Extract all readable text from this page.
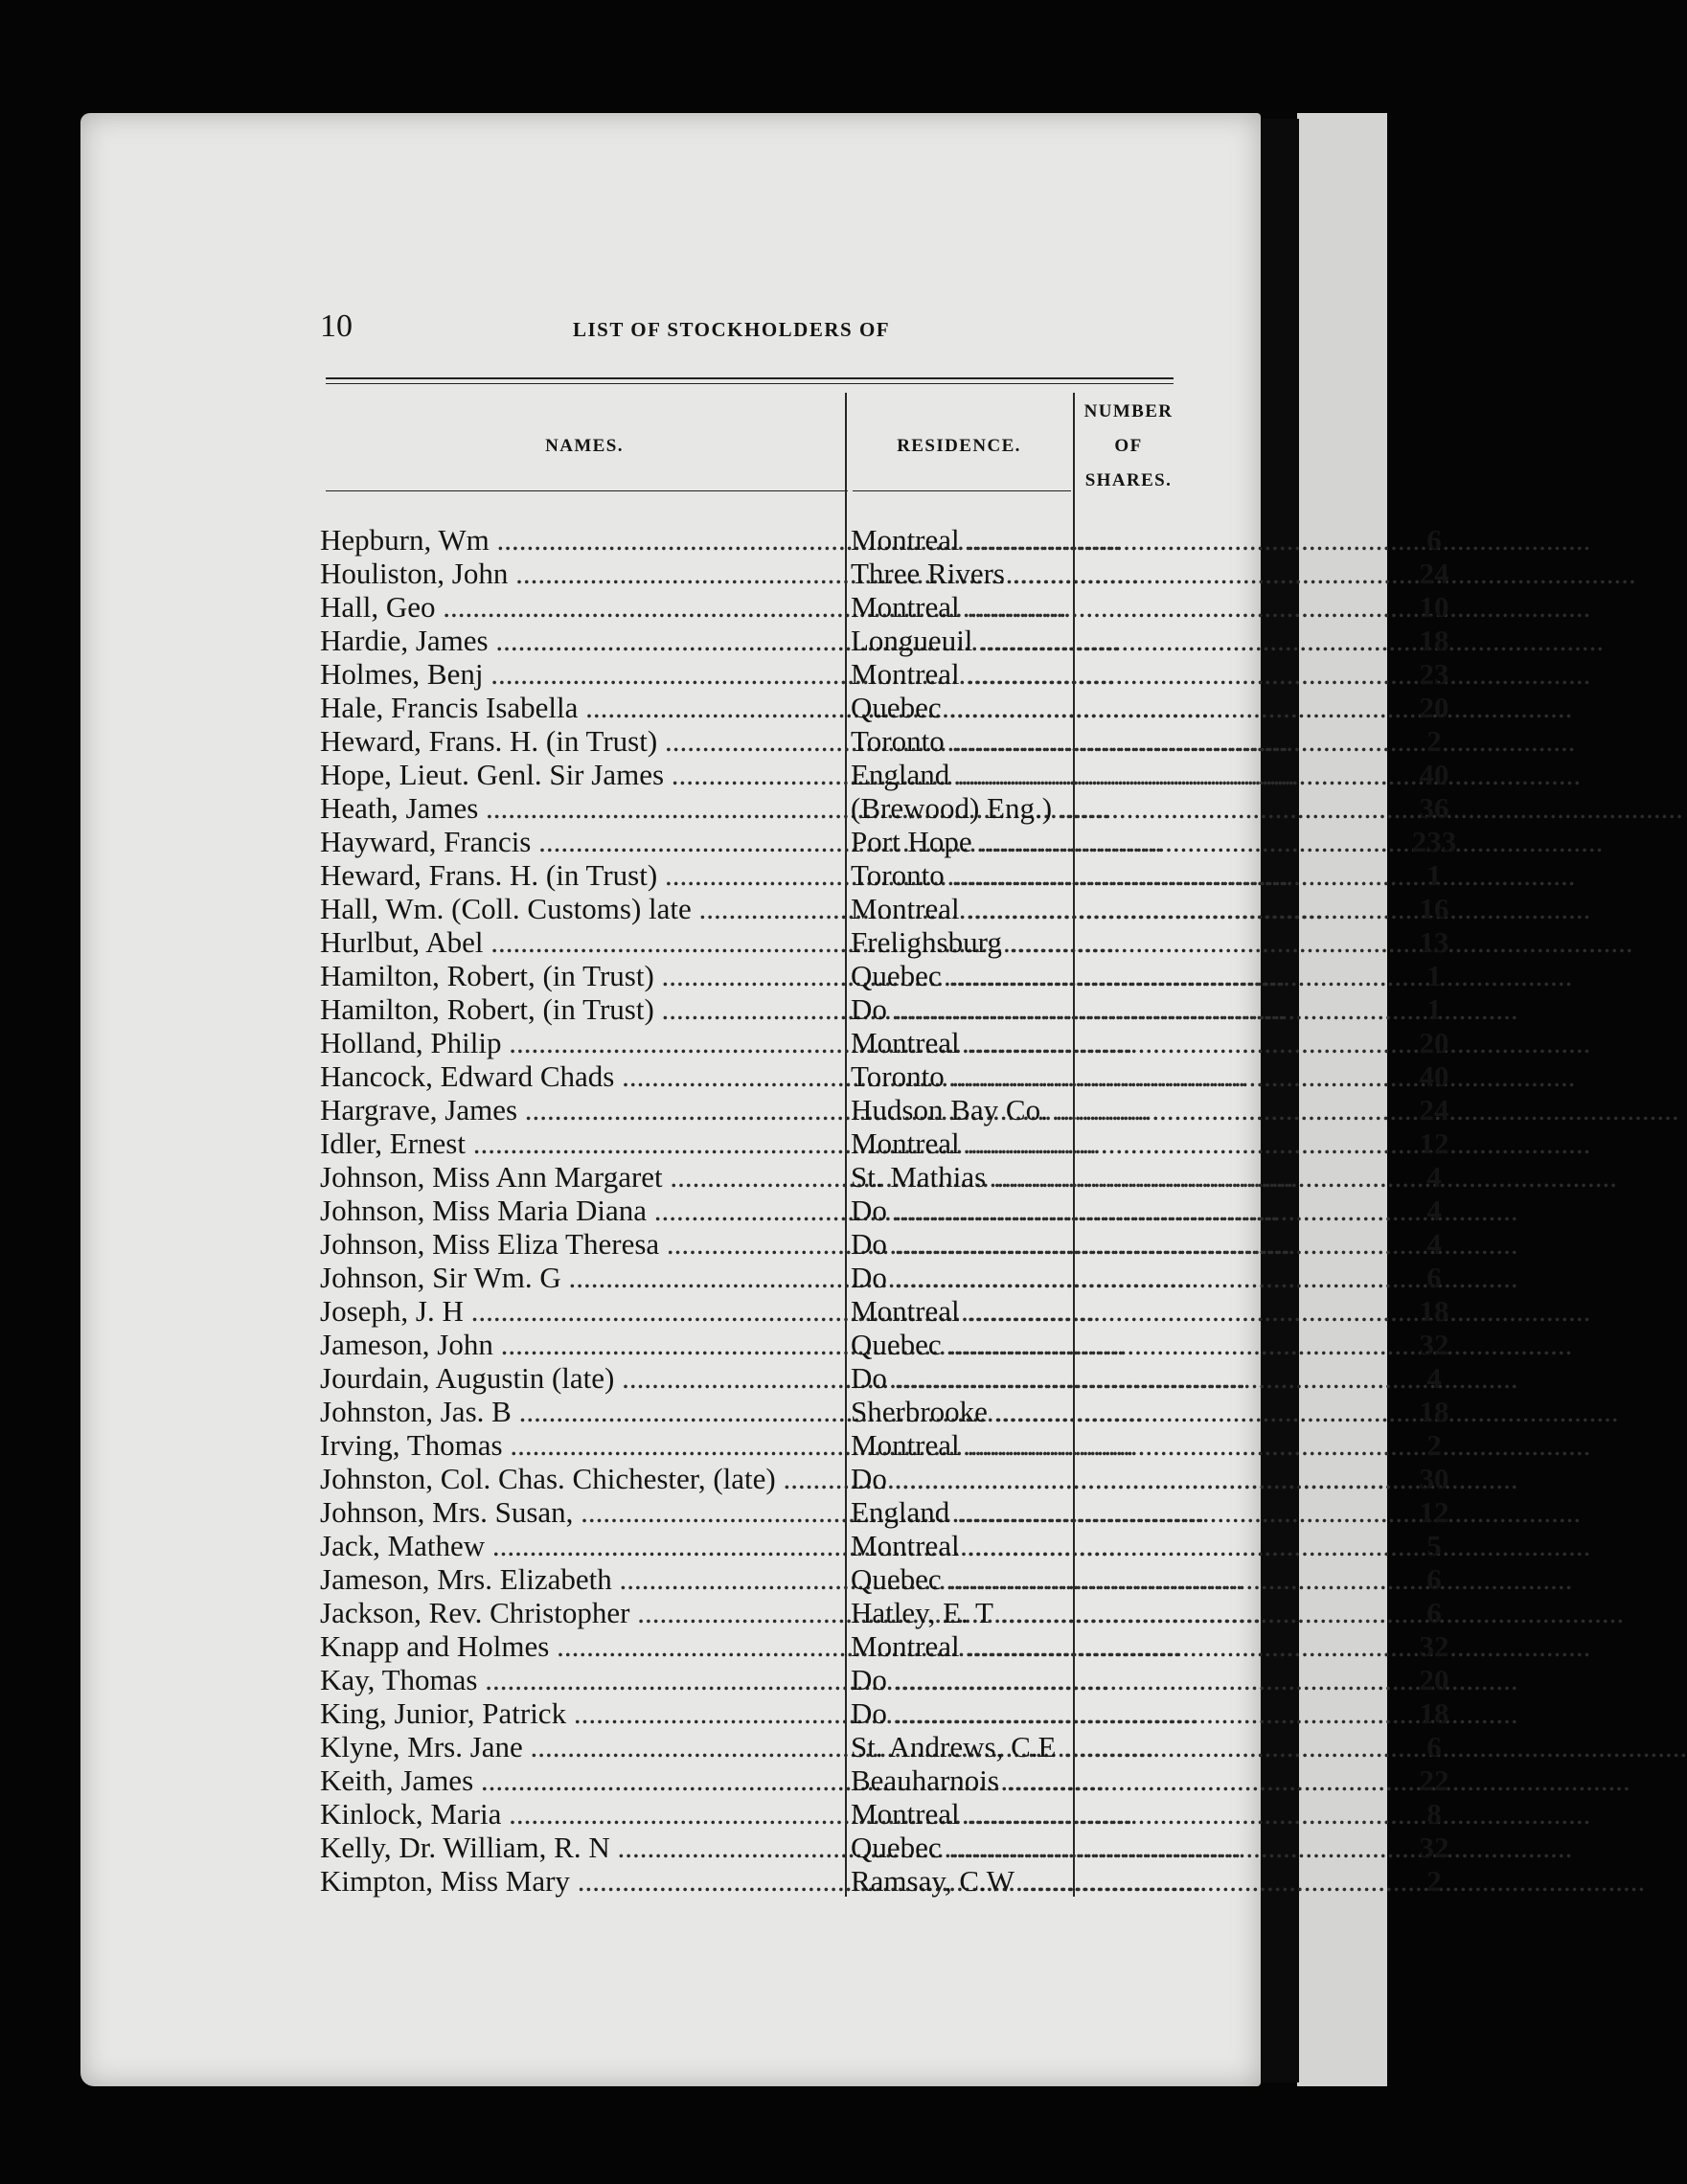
10	LIST OF STOCKHOLDERS OF
NAMES.	RESIDENCE.
NUMBER
OF
SHARES.
Hepburn, Wm .....	Montreal .....	6
Houliston, John .....	Three Rivers .....	24
Hall, Geo .....	Montreal .....	10
Hardie, James .....	Longueuil .....	18
Holmes, Benj .....	Montreal .....	23
Hale, Francis Isabella .....	Quebec .....	20
Heward, Frans. H. (in Trust) .....	Toronto .....	2
Hope, Lieut. Genl. Sir James .....	England .....	40
Heath, James .....	(Brewood) Eng.) .....	36
Hayward, Francis .....	Port Hope .....	233
Heward, Frans. H. (in Trust) .....	Toronto .....	1
Hall, Wm. (Coll. Customs) late .....	Montreal .....	16
Hurlbut, Abel .....	Frelighsburg .....	13
Hamilton, Robert, (in Trust) .....	Quebec .....	1
Hamilton, Robert, (in Trust) .....	Do .....	1
Holland, Philip .....	Montreal .....	20
Hancock, Edward Chads .....	Toronto .....	40
Hargrave, James .....	Hudson Bay Co. .....	24
Idler, Ernest .....	Montreal .....	12
Johnson, Miss Ann Margaret .....	St. Mathias .....	4
Johnson, Miss Maria Diana .....	Do .....	4
Johnson, Miss Eliza Theresa .....	Do .....	4
Johnson, Sir Wm. G .....	Do .....	6
Joseph, J. H .....	Montreal .....	18
Jameson, John .....	Quebec .....	32
Jourdain, Augustin (late) .....	Do .....	4
Johnston, Jas. B .....	Sherbrooke .....	18
Irving, Thomas .....	Montreal .....	2
Johnston, Col. Chas. Chichester, (late) .....	Do .....	30
Johnson, Mrs. Susan, .....	England .....	12
Jack, Mathew .....	Montreal .....	5
Jameson, Mrs. Elizabeth .....	Quebec .....	6
Jackson, Rev. Christopher .....	Hatley, E. T .....	6
Knapp and Holmes .....	Montreal .....	32
Kay, Thomas .....	Do .....	20
King, Junior, Patrick .....	Do .....	18
Klyne, Mrs. Jane .....	St. Andrews, C.E .....	6
Keith, James .....	Beauharnois .....	22
Kinlock, Maria .....	Montreal .....	8
Kelly, Dr. William, R. N .....	Quebec .....	32
Kimpton, Miss Mary .....	Ramsay, C.W .....	2
